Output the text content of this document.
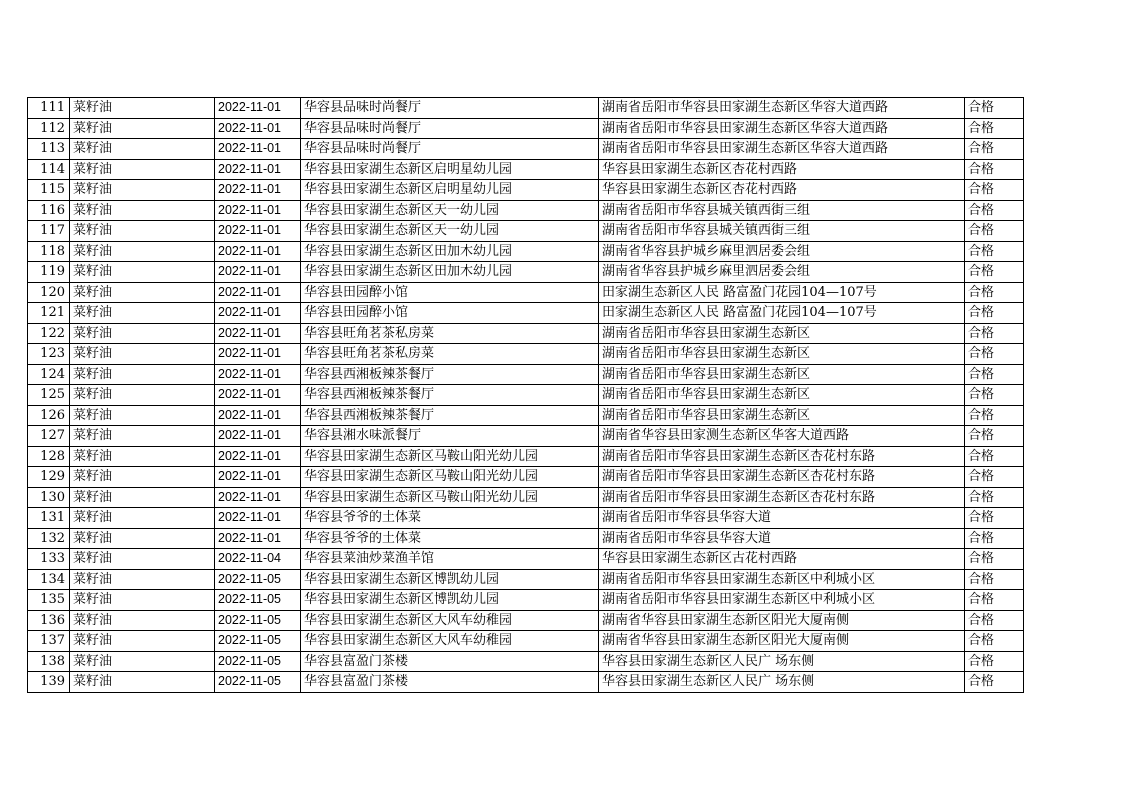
111	菜籽油	2022-11-01	华容县品味时尚餐厅	湖南省岳阳市华容县田家湖生态新区华容大道西路	合格
112	菜籽油	2022-11-01	华容县品味时尚餐厅	湖南省岳阳市华容县田家湖生态新区华容大道西路	合格
113	菜籽油	2022-11-01	华容县品味时尚餐厅	湖南省岳阳市华容县田家湖生态新区华容大道西路	合格
114	菜籽油	2022-11-01	华容县田家湖生态新区启明星幼儿园	华容县田家湖生态新区杏花村西路	合格
115	菜籽油	2022-11-01	华容县田家湖生态新区启明星幼儿园	华容县田家湖生态新区杏花村西路	合格
116	菜籽油	2022-11-01	华容县田家湖生态新区天一幼儿园	湖南省岳阳市华容县城关镇西街三组	合格
117	菜籽油	2022-11-01	华容县田家湖生态新区天一幼儿园	湖南省岳阳市华容县城关镇西街三组	合格
118	菜籽油	2022-11-01	华容县田家湖生态新区田加木幼儿园	湖南省华容县护城乡麻里泗居委会组	合格
119	菜籽油	2022-11-01	华容县田家湖生态新区田加木幼儿园	湖南省华容县护城乡麻里泗居委会组	合格
120	菜籽油	2022-11-01	华容县田园醉小馆	田家湖生态新区人民 路富盈门花园104—107号	合格
121	菜籽油	2022-11-01	华容县田园醉小馆	田家湖生态新区人民 路富盈门花园104—107号	合格
122	菜籽油	2022-11-01	华容县旺角茗茶私房菜	湖南省岳阳市华容县田家湖生态新区	合格
123	菜籽油	2022-11-01	华容县旺角茗茶私房菜	湖南省岳阳市华容县田家湖生态新区	合格
124	菜籽油	2022-11-01	华容县西湘板辣茶餐厅	湖南省岳阳市华容县田家湖生态新区	合格
125	菜籽油	2022-11-01	华容县西湘板辣茶餐厅	湖南省岳阳市华容县田家湖生态新区	合格
126	菜籽油	2022-11-01	华容县西湘板辣茶餐厅	湖南省岳阳市华容县田家湖生态新区	合格
127	菜籽油	2022-11-01	华容县湘水味派餐厅	湖南省华容县田家测生态新区华客大道西路	合格
128	菜籽油	2022-11-01	华容县田家湖生态新区马鞍山阳光幼儿园	湖南省岳阳市华容县田家湖生态新区杏花村东路	合格
129	菜籽油	2022-11-01	华容县田家湖生态新区马鞍山阳光幼儿园	湖南省岳阳市华容县田家湖生态新区杏花村东路	合格
130	菜籽油	2022-11-01	华容县田家湖生态新区马鞍山阳光幼儿园	湖南省岳阳市华容县田家湖生态新区杏花村东路	合格
131	菜籽油	2022-11-01	华容县爷爷的土体菜	湖南省岳阳市华容县华容大道	合格
132	菜籽油	2022-11-01	华容县爷爷的土体菜	湖南省岳阳市华容县华容大道	合格
133	菜籽油	2022-11-04	华容县菜油炒菜渔羊馆	华容县田家湖生态新区古花村西路	合格
134	菜籽油	2022-11-05	华容县田家湖生态新区博凯幼儿园	湖南省岳阳市华容县田家湖生态新区中利城小区	合格
135	菜籽油	2022-11-05	华容县田家湖生态新区博凯幼儿园	湖南省岳阳市华容县田家湖生态新区中利城小区	合格
136	菜籽油	2022-11-05	华容县田家湖生态新区大风车幼稚园	湖南省华容县田家湖生态新区阳光大厦南侧	合格
137	菜籽油	2022-11-05	华容县田家湖生态新区大风车幼稚园	湖南省华容县田家湖生态新区阳光大厦南侧	合格
138	菜籽油	2022-11-05	华容县富盈门茶楼	华容县田家湖生态新区人民广 场东侧	合格
139	菜籽油	2022-11-05	华容县富盈门茶楼	华容县田家湖生态新区人民广 场东侧	合格
